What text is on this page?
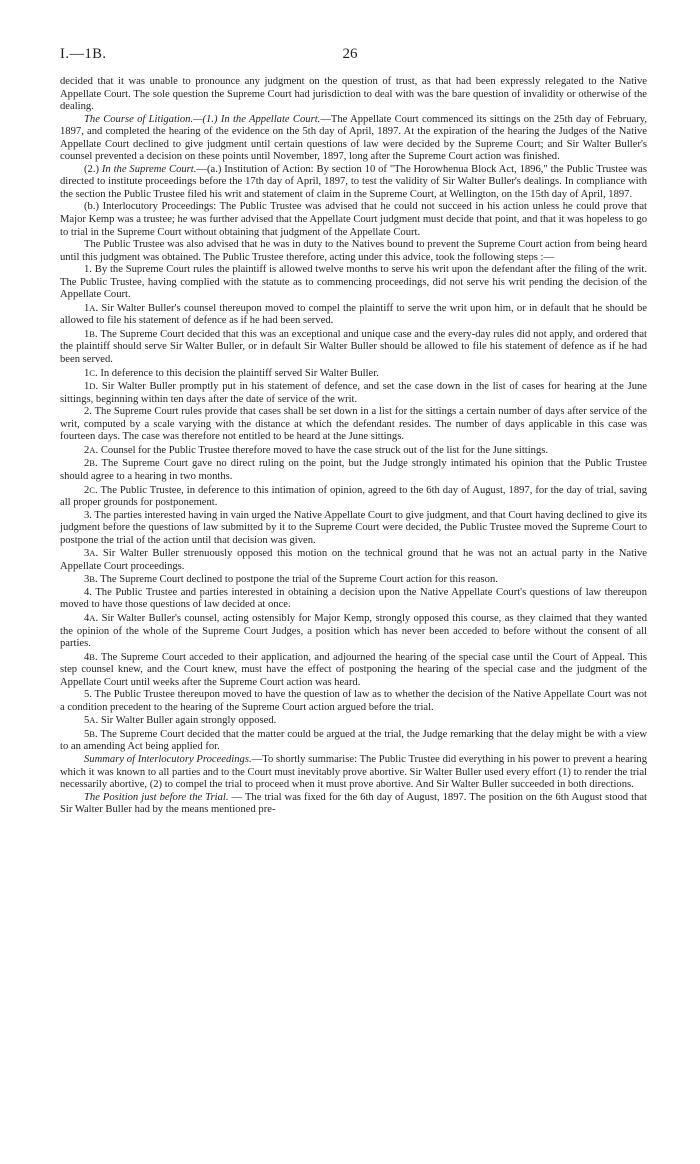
I.—1B.	26

decided that it was unable to pronounce any judgment on the question of trust, as that had been expressly relegated to the Native Appellate Court. The sole question the Supreme Court had jurisdiction to deal with was the bare question of invalidity or otherwise of the dealing.

The Course of Litigation.—(1.) In the Appellate Court.—The Appellate Court commenced its sittings on the 25th day of February, 1897, and completed the hearing of the evidence on the 5th day of April, 1897. At the expiration of the hearing the Judges of the Native Appellate Court declined to give judgment until certain questions of law were decided by the Supreme Court; and Sir Walter Buller's counsel prevented a decision on these points until November, 1897, long after the Supreme Court action was finished.

(2.) In the Supreme Court.—(a.) Institution of Action: By section 10 of "The Horowhenua Block Act, 1896," the Public Trustee was directed to institute proceedings before the 17th day of April, 1897, to test the validity of Sir Walter Buller's dealings. In compliance with the section the Public Trustee filed his writ and statement of claim in the Supreme Court, at Wellington, on the 15th day of April, 1897.

(b.) Interlocutory Proceedings: The Public Trustee was advised that he could not succeed in his action unless he could prove that Major Kemp was a trustee; he was further advised that the Appellate Court judgment must decide that point, and that it was hopeless to go to trial in the Supreme Court without obtaining that judgment of the Appellate Court.

The Public Trustee was also advised that he was in duty to the Natives bound to prevent the Supreme Court action from being heard until this judgment was obtained. The Public Trustee therefore, acting under this advice, took the following steps :—

1. By the Supreme Court rules the plaintiff is allowed twelve months to serve his writ upon the defendant after the filing of the writ. The Public Trustee, having complied with the statute as to commencing proceedings, did not serve his writ pending the decision of the Appellate Court.

1A. Sir Walter Buller's counsel thereupon moved to compel the plaintiff to serve the writ upon him, or in default that he should be allowed to file his statement of defence as if he had been served.

1B. The Supreme Court decided that this was an exceptional and unique case and the every-day rules did not apply, and ordered that the plaintiff should serve Sir Walter Buller, or in default Sir Walter Buller should be allowed to file his statement of defence as if he had been served.

1C. In deference to this decision the plaintiff served Sir Walter Buller.

1D. Sir Walter Buller promptly put in his statement of defence, and set the case down in the list of cases for hearing at the June sittings, beginning within ten days after the date of service of the writ.

2. The Supreme Court rules provide that cases shall be set down in a list for the sittings a certain number of days after service of the writ, computed by a scale varying with the distance at which the defendant resides. The number of days applicable in this case was fourteen days. The case was therefore not entitled to be heard at the June sittings.

2A. Counsel for the Public Trustee therefore moved to have the case struck out of the list for the June sittings.

2B. The Supreme Court gave no direct ruling on the point, but the Judge strongly intimated his opinion that the Public Trustee should agree to a hearing in two months.

2C. The Public Trustee, in deference to this intimation of opinion, agreed to the 6th day of August, 1897, for the day of trial, saving all proper grounds for postponement.

3. The parties interested having in vain urged the Native Appellate Court to give judgment, and that Court having declined to give its judgment before the questions of law submitted by it to the Supreme Court were decided, the Public Trustee moved the Supreme Court to postpone the trial of the action until that decision was given.

3A. Sir Walter Buller strenuously opposed this motion on the technical ground that he was not an actual party in the Native Appellate Court proceedings.

3B. The Supreme Court declined to postpone the trial of the Supreme Court action for this reason.

4. The Public Trustee and parties interested in obtaining a decision upon the Native Appellate Court's questions of law thereupon moved to have those questions of law decided at once.

4A. Sir Walter Buller's counsel, acting ostensibly for Major Kemp, strongly opposed this course, as they claimed that they wanted the opinion of the whole of the Supreme Court Judges, a position which has never been acceded to before without the consent of all parties.

4B. The Supreme Court acceded to their application, and adjourned the hearing of the special case until the Court of Appeal. This step counsel knew, and the Court knew, must have the effect of postponing the hearing of the special case and the judgment of the Appellate Court until weeks after the Supreme Court action was heard.

5. The Public Trustee thereupon moved to have the question of law as to whether the decision of the Native Appellate Court was not a condition precedent to the hearing of the Supreme Court action argued before the trial.

5A. Sir Walter Buller again strongly opposed.

5B. The Supreme Court decided that the matter could be argued at the trial, the Judge remarking that the delay might be with a view to an amending Act being applied for.

Summary of Interlocutory Proceedings.—To shortly summarise: The Public Trustee did everything in his power to prevent a hearing which it was known to all parties and to the Court must inevitably prove abortive. Sir Walter Buller used every effort (1) to render the trial necessarily abortive, (2) to compel the trial to proceed when it must prove abortive. And Sir Walter Buller succeeded in both directions.

The Position just before the Trial. — The trial was fixed for the 6th day of August, 1897. The position on the 6th August stood that Sir Walter Buller had by the means mentioned pre-
